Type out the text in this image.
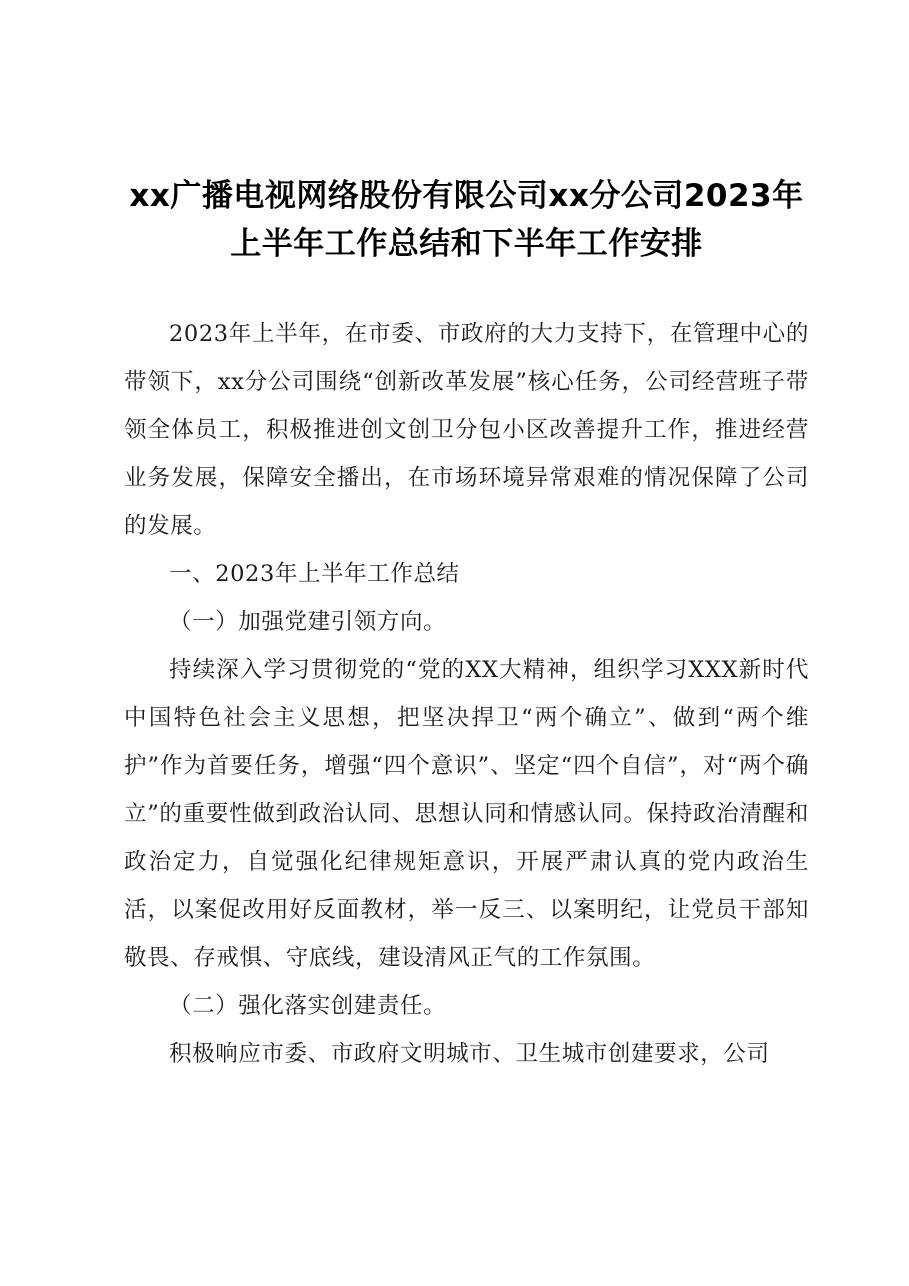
xx广播电视网络股份有限公司xx分公司2023年上半年工作总结和下半年工作安排

2023年上半年，在市委、市政府的大力支持下，在管理中心的带领下，xx分公司围绕“创新改革发展”核心任务，公司经营班子带领全体员工，积极推进创文创卫分包小区改善提升工作，推进经营业务发展，保障安全播出，在市场环境异常艰难的情况保障了公司的发展。

一、2023年上半年工作总结

（一）加强党建引领方向。

持续深入学习贯彻党的“党的XX大精神，组织学习XXX新时代中国特色社会主义思想，把坚决捍卫“两个确立”、做到“两个维护”作为首要任务，增强“四个意识”、坚定“四个自信”，对“两个确立”的重要性做到政治认同、思想认同和情感认同。保持政治清醒和政治定力，自觉强化纪律规矩意识，开展严肃认真的党内政治生活，以案促改用好反面教材，举一反三、以案明纪，让党员干部知敬畏、存戒惧、守底线，建设清风正气的工作氛围。

（二）强化落实创建责任。

积极响应市委、市政府文明城市、卫生城市创建要求，公司
